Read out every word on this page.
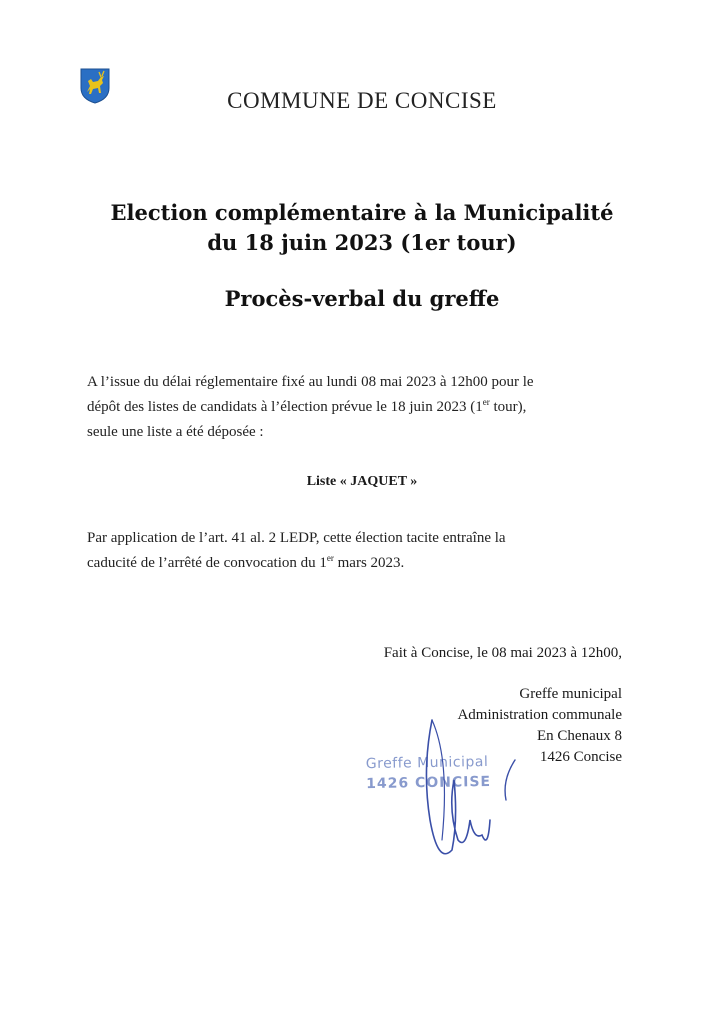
COMMUNE DE CONCISE
Election complémentaire à la Municipalité
du 18 juin 2023 (1er tour)
Procès-verbal du greffe
A l’issue du délai réglementaire fixé au lundi 08 mai 2023 à 12h00 pour le
dépôt des listes de candidats à l’élection prévue le 18 juin 2023 (1er tour),
seule une liste a été déposée :
Liste « JAQUET »
Par application de l’art. 41 al. 2 LEDP, cette élection tacite entraîne la
caducité de l’arrêté de convocation du 1er mars 2023.
Fait à Concise, le 08 mai 2023 à 12h00,
Greffe municipal
Administration communale
En Chenaux 8
1426 Concise
Greffe Municipal
1426 CONCISE
